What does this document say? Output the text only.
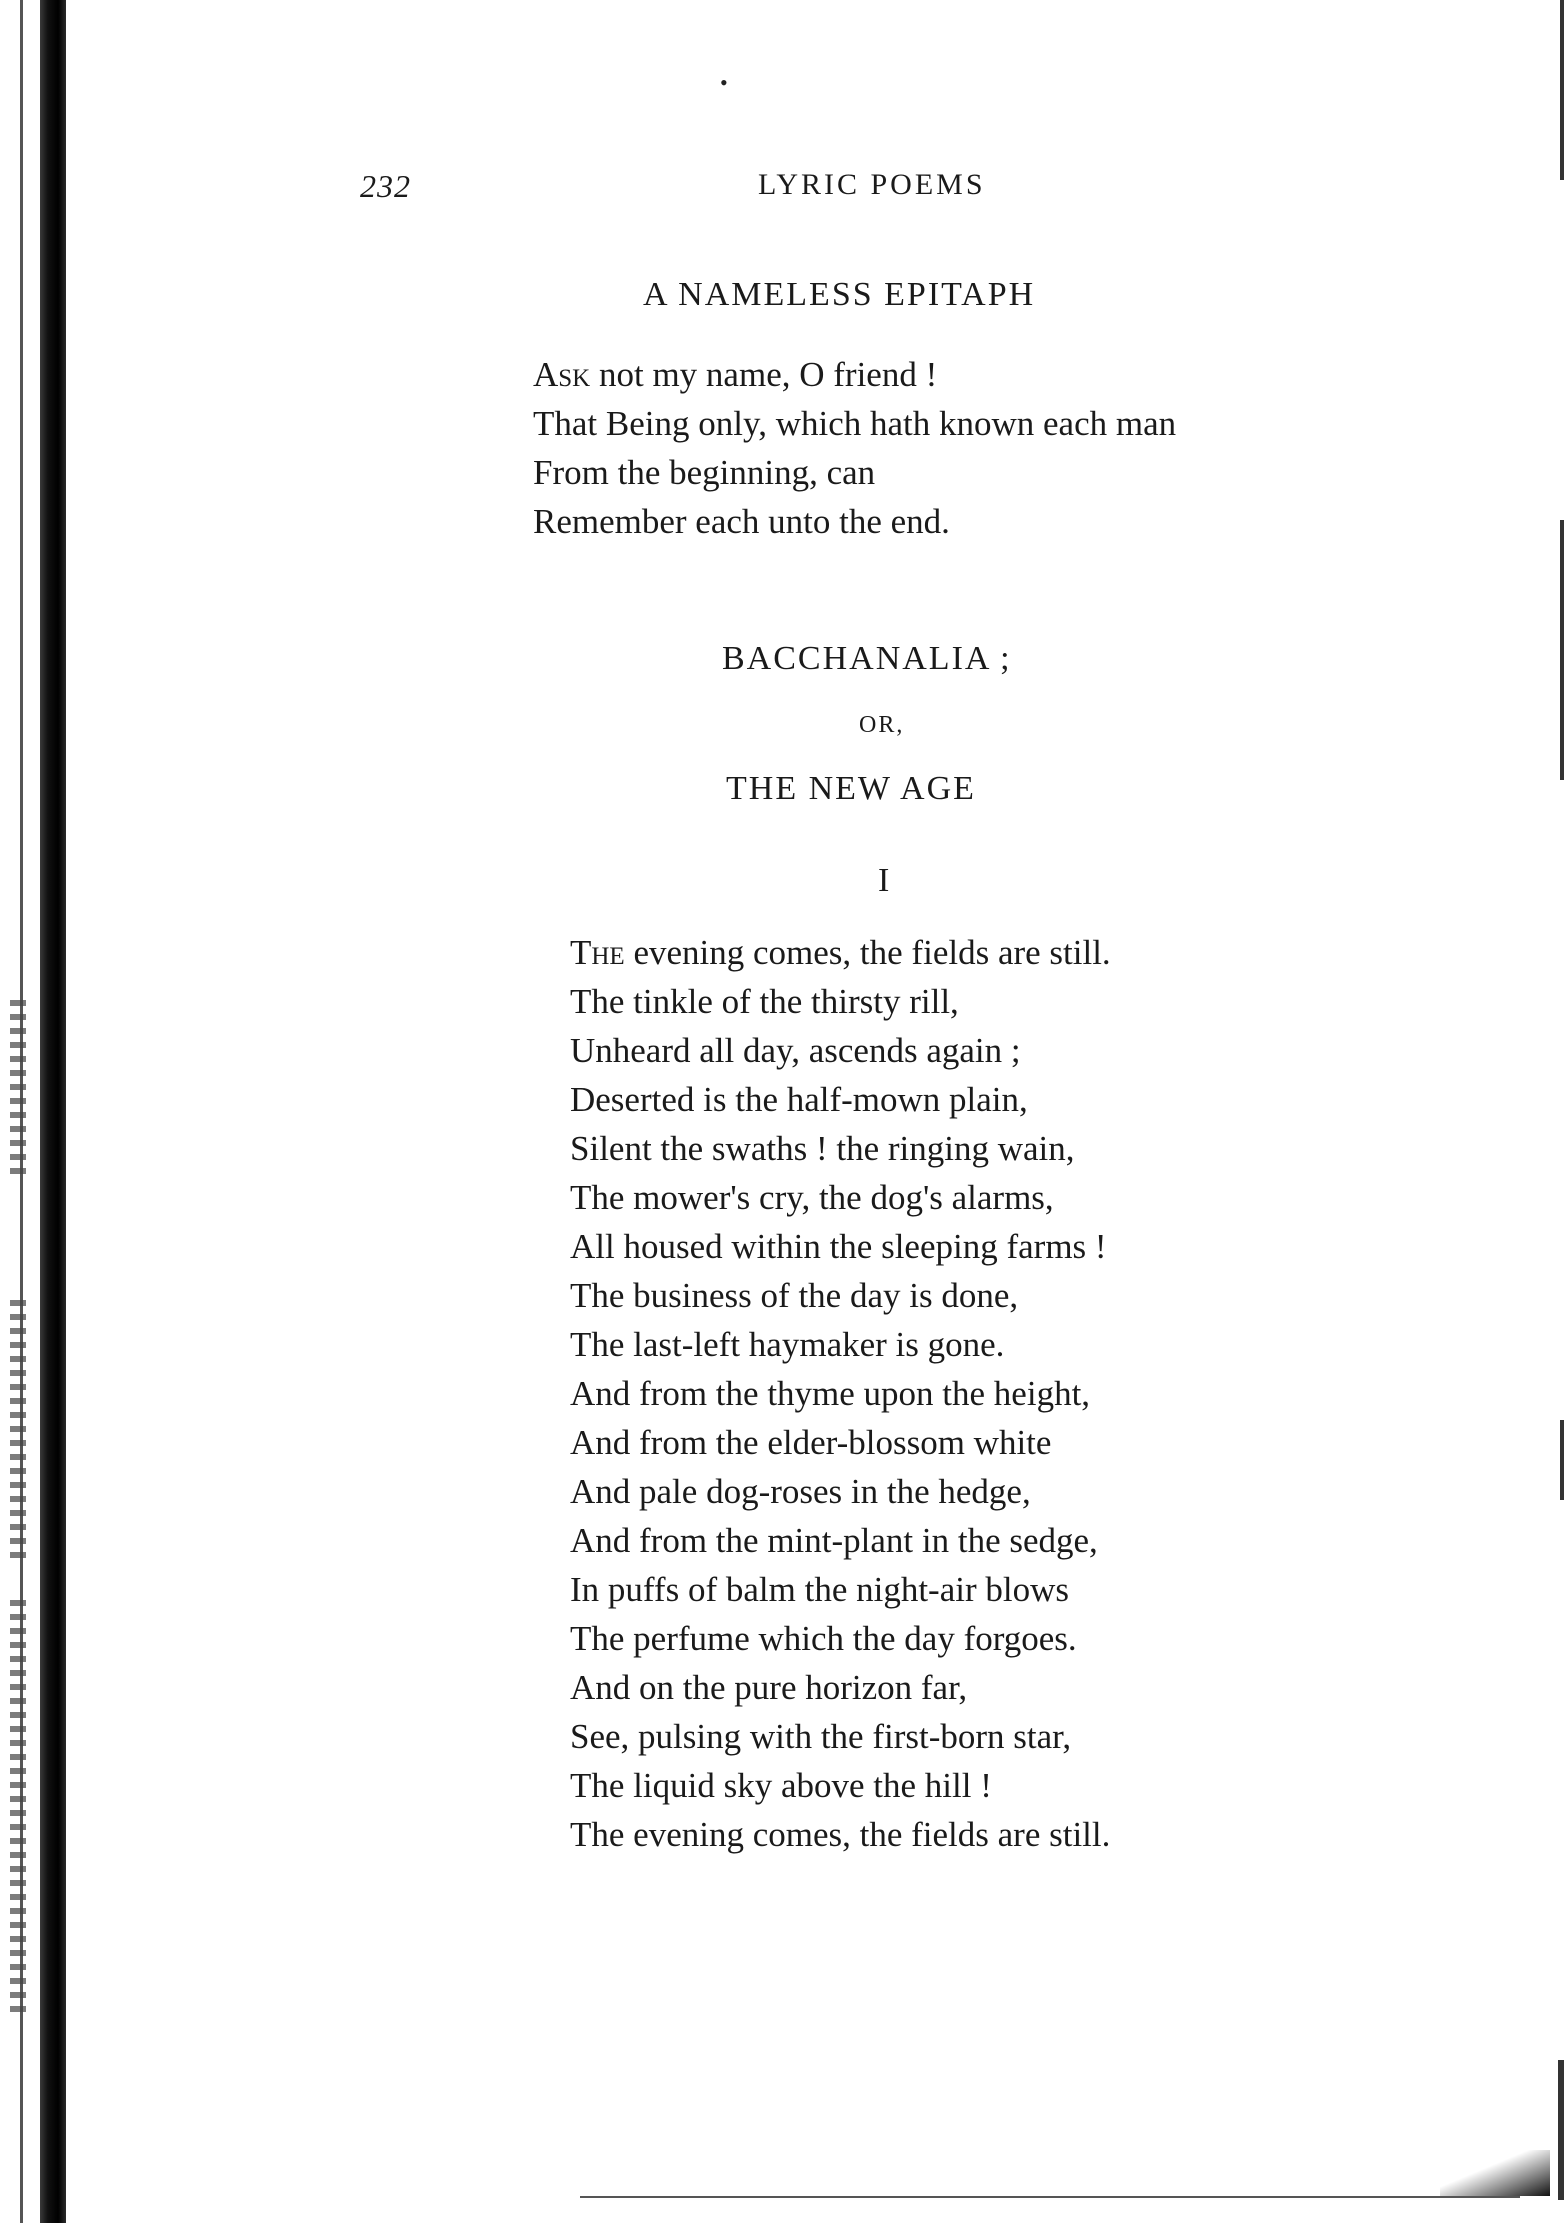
•
232	LYRIC POEMS
A NAMELESS EPITAPH
Ask not my name, O friend !
That Being only, which hath known each man
From the beginning, can
Remember each unto the end.
BACCHANALIA ;
OR,
THE NEW AGE
I
The evening comes, the fields are still.
The tinkle of the thirsty rill,
Unheard all day, ascends again ;
Deserted is the half-mown plain,
Silent the swaths ! the ringing wain,
The mower's cry, the dog's alarms,
All housed within the sleeping farms !
The business of the day is done,
The last-left haymaker is gone.
And from the thyme upon the height,
And from the elder-blossom white
And pale dog-roses in the hedge,
And from the mint-plant in the sedge,
In puffs of balm the night-air blows
The perfume which the day forgoes.
And on the pure horizon far,
See, pulsing with the first-born star,
The liquid sky above the hill !
The evening comes, the fields are still.
